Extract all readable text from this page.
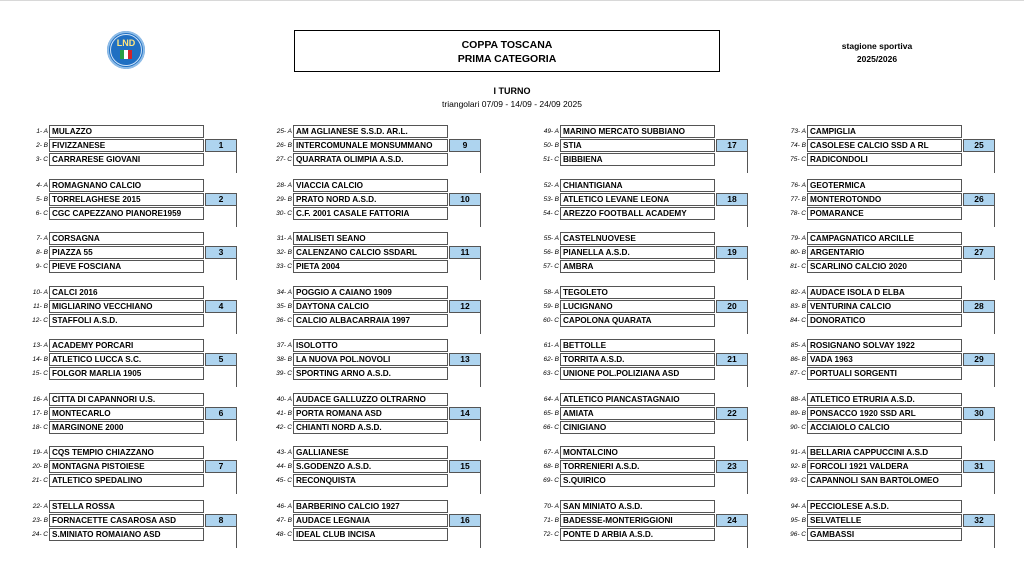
LND	COPPA TOSCANA
PRIMA CATEGORIA
stagione sportiva
2025/2026
I TURNO
triangolari 07/09 - 14/09 - 24/09 2025
1- A MULAZZO
2- B FIVIZZANESE
3- C CARRARESE GIOVANI
1
4- A ROMAGNANO CALCIO
5- B TORRELAGHESE 2015
6- C CGC CAPEZZANO PIANORE1959
2
7- A CORSAGNA
8- B PIAZZA 55
9- C PIEVE FOSCIANA
3
10- A CALCI 2016
11- B MIGLIARINO VECCHIANO
12- C STAFFOLI A.S.D.
4
13- A ACADEMY PORCARI
14- B ATLETICO LUCCA S.C.
15- C FOLGOR MARLIA 1905
5
16- A CITTA DI CAPANNORI U.S.
17- B MONTECARLO
18- C MARGINONE 2000
6
19- A CQS TEMPIO CHIAZZANO
20- B MONTAGNA PISTOIESE
21- C ATLETICO SPEDALINO
7
22- A STELLA ROSSA
23- B FORNACETTE CASAROSA ASD
24- C S.MINIATO ROMAIANO ASD
8
25- A AM AGLIANESE S.S.D. AR.L.
26- B INTERCOMUNALE MONSUMMANO
27- C QUARRATA OLIMPIA A.S.D.
9
28- A VIACCIA CALCIO
29- B PRATO NORD A.S.D.
30- C C.F. 2001 CASALE FATTORIA
10
31- A MALISETI SEANO
32- B CALENZANO CALCIO SSDARL
33- C PIETA 2004
11
34- A POGGIO A CAIANO 1909
35- B DAYTONA CALCIO
36- C CALCIO ALBACARRAIA 1997
12
37- A ISOLOTTO
38- B LA NUOVA POL.NOVOLI
39- C SPORTING ARNO A.S.D.
13
40- A AUDACE GALLUZZO OLTRARNO
41- B PORTA ROMANA ASD
42- C CHIANTI NORD A.S.D.
14
43- A GALLIANESE
44- B S.GODENZO A.S.D.
45- C RECONQUISTA
15
46- A BARBERINO CALCIO 1927
47- B AUDACE LEGNAIA
48- C IDEAL CLUB INCISA
16
49- A MARINO MERCATO SUBBIANO
50- B STIA
51- C BIBBIENA
17
52- A CHIANTIGIANA
53- B ATLETICO LEVANE LEONA
54- C AREZZO FOOTBALL ACADEMY
18
55- A CASTELNUOVESE
56- B PIANELLA A.S.D.
57- C AMBRA
19
58- A TEGOLETO
59- B LUCIGNANO
60- C CAPOLONA QUARATA
20
61- A BETTOLLE
62- B TORRITA A.S.D.
63- C UNIONE POL.POLIZIANA ASD
21
64- A ATLETICO PIANCASTAGNAIO
65- B AMIATA
66- C CINIGIANO
22
67- A MONTALCINO
68- B TORRENIERI A.S.D.
69- C S.QUIRICO
23
70- A SAN MINIATO A.S.D.
71- B BADESSE-MONTERIGGIONI
72- C PONTE D ARBIA A.S.D.
24
73- A CAMPIGLIA
74- B CASOLESE CALCIO SSD A RL
75- C RADICONDOLI
25
76- A GEOTERMICA
77- B MONTEROTONDO
78- C POMARANCE
26
79- A CAMPAGNATICO ARCILLE
80- B ARGENTARIO
81- C SCARLINO CALCIO 2020
27
82- A AUDACE ISOLA D ELBA
83- B VENTURINA CALCIO
84- C DONORATICO
28
85- A ROSIGNANO SOLVAY 1922
86- B VADA 1963
87- C PORTUALI SORGENTI
29
88- A ATLETICO ETRURIA A.S.D.
89- B PONSACCO 1920 SSD ARL
90- C ACCIAIOLO CALCIO
30
91- A BELLARIA CAPPUCCINI A.S.D
92- B FORCOLI 1921 VALDERA
93- C CAPANNOLI SAN BARTOLOMEO
31
94- A PECCIOLESE A.S.D.
95- B SELVATELLE
96- C GAMBASSI
32
